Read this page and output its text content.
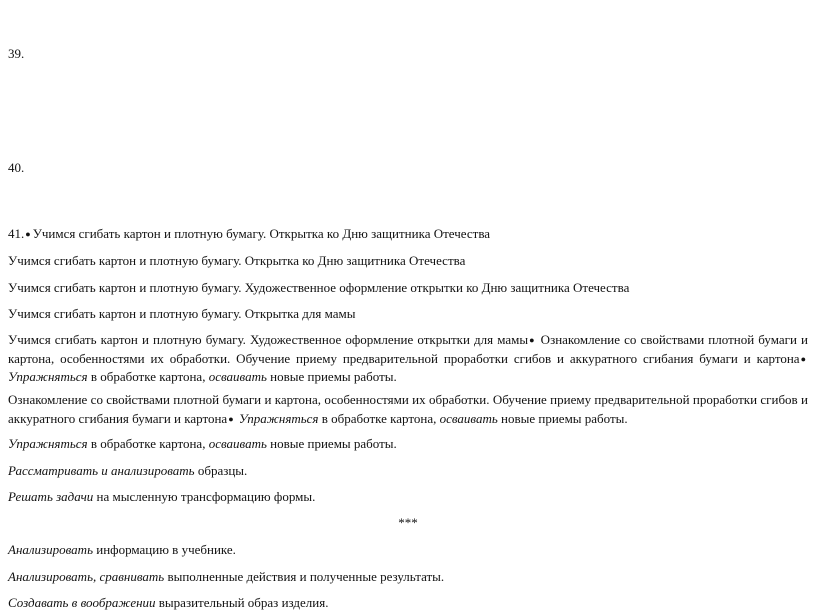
39.

40.

41.● Учимся сгибать картон и плотную бумагу. Открытка ко Дню защитника Отечества

Учимся сгибать картон и плотную бумагу. Открытка ко Дню защитника Отечества

Учимся сгибать картон и плотную бумагу. Художественное оформление открытки ко Дню защитника Отечества

Учимся сгибать картон и плотную бумагу. Открытка для мамы

Учимся сгибать картон и плотную бумагу. Художественное оформление открытки для мамы● Ознакомление со свойствами плотной бумаги и картона, особенностями их обработки. Обучение приему предварительной проработки сгибов и аккуратного сгибания бумаги и картона● Упражняться в обработке картона, осваивать новые приемы работы.

Ознакомление со свойствами плотной бумаги и картона, особенностями их обработки. Обучение приему предварительной проработки сгибов и аккуратного сгибания бумаги и картона● Упражняться в обработке картона, осваивать новые приемы работы.

Упражняться в обработке картона, осваивать новые приемы работы.

Рассматривать и анализировать образцы.

Решать задачи на мысленную трансформацию формы.

***

Анализировать информацию в учебнике.

Анализировать, сравнивать выполненные действия и полученные результаты.

Создавать в воображении выразительный образ изделия.
